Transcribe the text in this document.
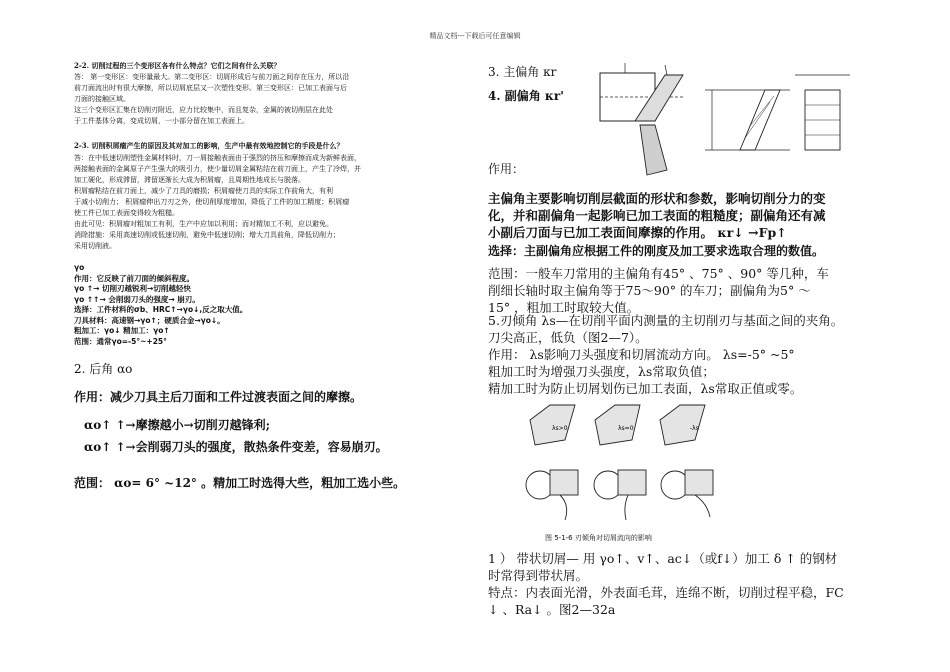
精品文档---下载后可任意编辑
2-2. 切削过程的三个变形区各有什么特点？它们之间有什么关联？
答： 第一变形区：变形量最大。第二变形区：切屑形成后与前刀面之间存在压力，所以沿
前刀面流出时有很大摩擦，所以切屑底层又一次塑性变形。第三变形区：已加工表面与后
刀面的接触区域。
这三个变形区汇集在切削刃附近，应力比较集中，而且复杂，金属的被切削层在此处
于工件基体分离，变成切屑，一小部分留在加工表面上。
2-3. 切削积屑瘤产生的原因及其对加工的影响，生产中最有效地控制它的手段是什么？
答：在中低速切削塑性金属材料时，刀一屑接触表面由于强烈的挤压和摩擦而成为新鲜表面，
两接触表面的金属原子产生强大的吸引力，使少量切屑金属粘结在前刀面上，产生了冷焊，并
加工硬化，形成滞留，滞留逐渐长大成为积屑瘤，且周期性地成长与脱落。
积屑瘤粘结在前刀面上，减少了刀具的磨损；积屑瘤使刀具的实际工作前角大，有利
于减小切削力； 积屑瘤伸出刀刃之外，使切削厚度增加，降低了工件的加工精度；积屑瘤
使工件已加工表面变得较为粗糙。
由此可见：积屑瘤对粗加工有利，生产中应加以利用；而对精加工不利，应以避免。
消除措施：采用高速切削或低速切削，避免中低速切削；增大刀具前角，降低切削力；
采用切削液。
γo
作用：它反映了前刀面的倾斜程度。
γo ↑→ 切削刃越锐利→切削越轻快
γo ↑↑→ 会削弱刀头的强度→ 崩刃。
选择：工件材料的σb、HRC↑→γo↓,反之取大值。
刀具材料：高速钢→γo↑；硬质合金→γo↓。
粗加工：γo↓ 精加工：γo↑
范围：通常γo=-5°~+25°
2. 后角 αo
作用：减少刀具主后刀面和工件过渡表面之间的摩擦。
αo↑ ↑→摩擦越小→切削刃越锋利;
αo↑ ↑→会削弱刀头的强度，散热条件变差，容易崩刃。
范围： αo= 6° ~12° 。精加工时选得大些，粗加工选小些。
3. 主偏角 κr
4. 副偏角 κr'
作用：
主偏角主要影响切削层截面的形状和参数，影响切削分力的变
化，并和副偏角一起影响已加工表面的粗糙度；副偏角还有减
小副后刀面与已加工表面间摩擦的作用。 κr↓ →Fp↑
选择：主副偏角应根据工件的刚度及加工要求选取合理的数值。
范围：一般车刀常用的主偏角有45° 、75° 、90° 等几种，车
削细长轴时取主偏角等于75～90° 的车刀；副偏角为5° ～
15° ，粗加工时取较大值。
5.刃倾角 λs—在切削平面内测量的主切削刃与基面之间的夹角。
刀尖高正，低负（图2—7）。
作用： λs影响刀头强度和切屑流动方向。 λs=-5° ~5°
粗加工时为增强刀头强度，λs常取负值；
精加工时为防止切屑划伤已加工表面，λs常取正值或零。
λs>0	λs=0	-λs
图 5-1-6 刃倾角对切屑流向的影响
1 ） 带状切屑— 用 γo↑、v↑、ac↓（或f↓）加工 δ ↑ 的钢材
时常得到带状屑。
特点：内表面光滑，外表面毛茸，连绵不断，切削过程平稳，FC
↓ 、Ra↓ 。图2—32a
